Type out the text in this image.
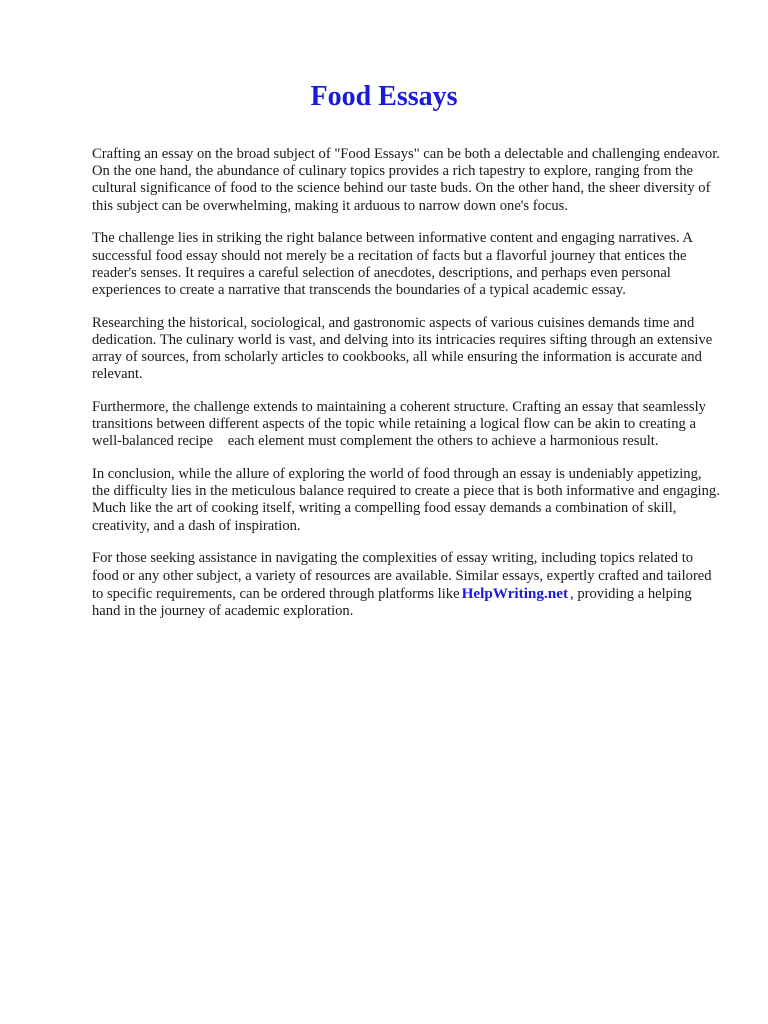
Food Essays

Crafting an essay on the broad subject of "Food Essays" can be both a delectable and challenging endeavor. On the one hand, the abundance of culinary topics provides a rich tapestry to explore, ranging from the cultural significance of food to the science behind our taste buds. On the other hand, the sheer diversity of this subject can be overwhelming, making it arduous to narrow down one's focus.

The challenge lies in striking the right balance between informative content and engaging narratives. A successful food essay should not merely be a recitation of facts but a flavorful journey that entices the reader's senses. It requires a careful selection of anecdotes, descriptions, and perhaps even personal experiences to create a narrative that transcends the boundaries of a typical academic essay.

Researching the historical, sociological, and gastronomic aspects of various cuisines demands time and dedication. The culinary world is vast, and delving into its intricacies requires sifting through an extensive array of sources, from scholarly articles to cookbooks, all while ensuring the information is accurate and relevant.

Furthermore, the challenge extends to maintaining a coherent structure. Crafting an essay that seamlessly transitions between different aspects of the topic while retaining a logical flow can be akin to creating a well-balanced recipe    each element must complement the others to achieve a harmonious result.

In conclusion, while the allure of exploring the world of food through an essay is undeniably appetizing, the difficulty lies in the meticulous balance required to create a piece that is both informative and engaging. Much like the art of cooking itself, writing a compelling food essay demands a combination of skill, creativity, and a dash of inspiration.

For those seeking assistance in navigating the complexities of essay writing, including topics related to food or any other subject, a variety of resources are available. Similar essays, expertly crafted and tailored to specific requirements, can be ordered through platforms like HelpWriting.net , providing a helping hand in the journey of academic exploration.
